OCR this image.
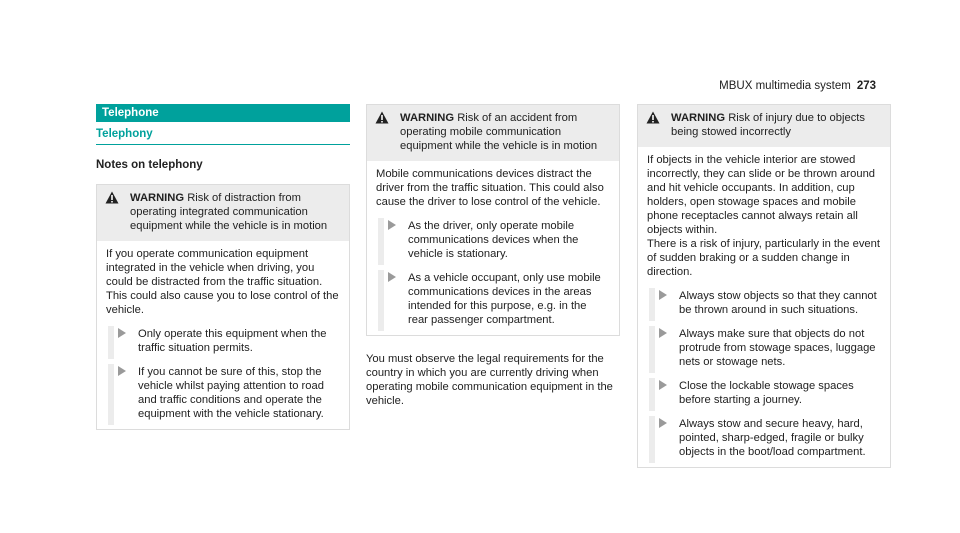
MBUX multimedia system 273
Telephone
Telephony
Notes on telephony
WARNING Risk of distraction from operating integrated communication equipment while the vehicle is in motion

If you operate communication equipment integrated in the vehicle when driving, you could be distracted from the traffic situation. This could also cause you to lose control of the vehicle.

Only operate this equipment when the traffic situation permits.
If you cannot be sure of this, stop the vehicle whilst paying attention to road and traffic conditions and operate the equipment with the vehicle stationary.
WARNING Risk of an accident from operating mobile communication equipment while the vehicle is in motion

Mobile communications devices distract the driver from the traffic situation. This could also cause the driver to lose control of the vehicle.

As the driver, only operate mobile communications devices when the vehicle is stationary.
As a vehicle occupant, only use mobile communications devices in the areas intended for this purpose, e.g. in the rear passenger compartment.

You must observe the legal requirements for the country in which you are currently driving when operating mobile communication equipment in the vehicle.

WARNING Risk of injury due to objects being stowed incorrectly

If objects in the vehicle interior are stowed incorrectly, they can slide or be thrown around and hit vehicle occupants. In addition, cup holders, open stowage spaces and mobile phone receptacles cannot always retain all objects within.

There is a risk of injury, particularly in the event of sudden braking or a sudden change in direction.

Always stow objects so that they cannot be thrown around in such situations.
Always make sure that objects do not protrude from stowage spaces, luggage nets or stowage nets.
Close the lockable stowage spaces before starting a journey.
Always stow and secure heavy, hard, pointed, sharp-edged, fragile or bulky objects in the boot/load compartment.
